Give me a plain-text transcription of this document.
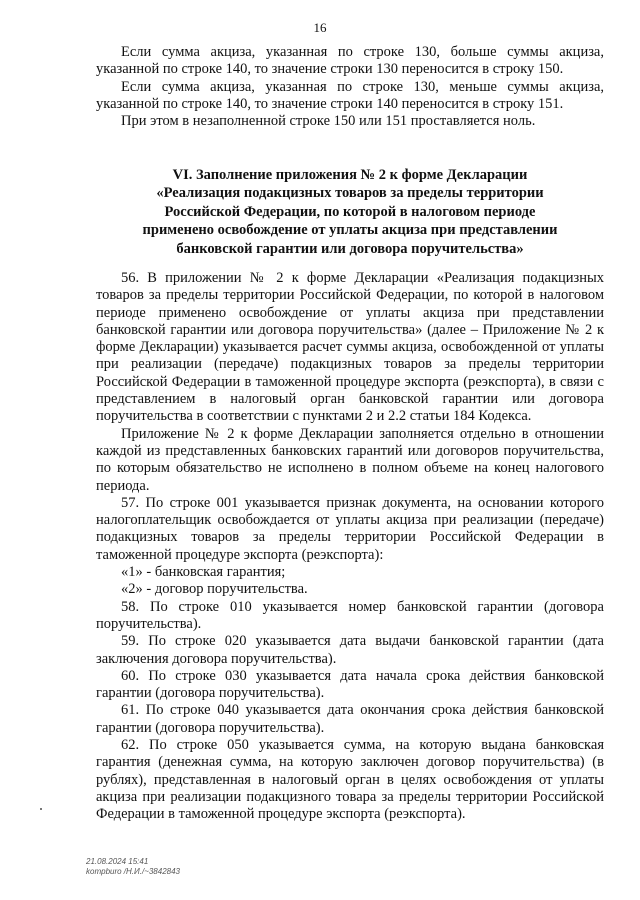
16

Если сумма акциза, указанная по строке 130, больше суммы акциза, указанной по строке 140, то значение строки 130 переносится в строку 150.

Если сумма акциза, указанная по строке 130, меньше суммы акциза, указанной по строке 140, то значение строки 140 переносится в строку 151.

При этом в незаполненной строке 150 или 151 проставляется ноль.

VI. Заполнение приложения № 2 к форме Декларации
«Реализация подакцизных товаров за пределы территории
Российской Федерации, по которой в налоговом периоде
применено освобождение от уплаты акциза при представлении
банковской гарантии или договора поручительства»

56. В приложении № 2 к форме Декларации «Реализация подакцизных товаров за пределы территории Российской Федерации, по которой в налоговом периоде применено освобождение от уплаты акциза при представлении банковской гарантии или договора поручительства» (далее – Приложение № 2 к форме Декларации) указывается расчет суммы акциза, освобожденной от уплаты при реализации (передаче) подакцизных товаров за пределы территории Российской Федерации в таможенной процедуре экспорта (реэкспорта), в связи с представлением в налоговый орган банковской гарантии или договора поручительства в соответствии с пунктами 2 и 2.2 статьи 184 Кодекса.

Приложение № 2 к форме Декларации заполняется отдельно в отношении каждой из представленных банковских гарантий или договоров поручительства, по которым обязательство не исполнено в полном объеме на конец налогового периода.

57. По строке 001 указывается признак документа, на основании которого налогоплательщик освобождается от уплаты акциза при реализации (передаче) подакцизных товаров за пределы территории Российской Федерации в таможенной процедуре экспорта (реэкспорта):

«1» - банковская гарантия;

«2» - договор поручительства.

58. По строке 010 указывается номер банковской гарантии (договора поручительства).

59. По строке 020 указывается дата выдачи банковской гарантии (дата заключения договора поручительства).

60. По строке 030 указывается дата начала срока действия банковской гарантии (договора поручительства).

61. По строке 040 указывается дата окончания срока действия банковской гарантии (договора поручительства).

62. По строке 050 указывается сумма, на которую выдана банковская гарантия (денежная сумма, на которую заключен договор поручительства) (в рублях), представленная в налоговый орган в целях освобождения от уплаты акциза при реализации подакцизного товара за пределы территории Российской Федерации в таможенной процедуре экспорта (реэкспорта).

21.08.2024 15:41
kompburo /Н.И./~3842843
